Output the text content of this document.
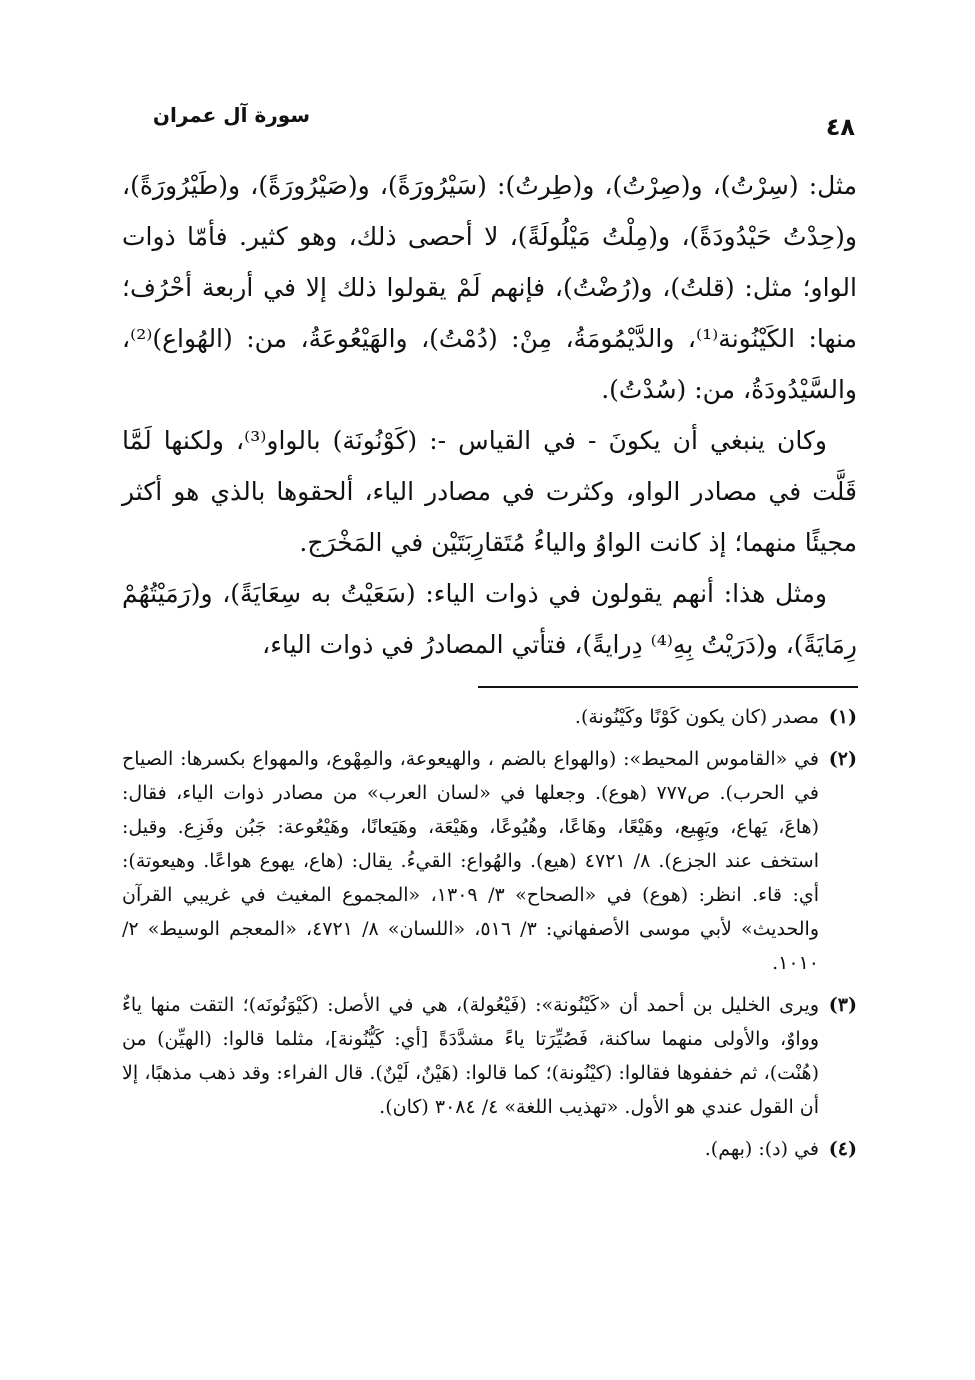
سورة آل عمران	٤٨

مثل: (سِرْتُ)، و(صِرْتُ)، و(طِرتُ): (سَيْرُورَةً)، و(صَيْرُورَةً)، و(طَيْرُورَةً)، و(حِدْتُ حَيْدُودَةً)، و(مِلْتُ مَيْلُولَةً)، لا أحصى ذلك، وهو كثير. فأمّا ذوات الواو؛ مثل: (قلتُ)، و(رُضْتُ)، فإنهم لَمْ يقولوا ذلك إلا في أربعة أحْرُف؛ منها: الكَيْنُونة⁽¹⁾، والدَّيْمُومَةُ، مِنْ: (دُمْتُ)، والهَيْعُوعَةُ، من: (الهُواع)⁽²⁾، والسَّيْدُودَةُ، من: (سُدْتُ).

وكان ينبغي أن يكونَ - في القياس -: (كَوْنُونَة) بالواو⁽³⁾، ولكنها لَمَّا قَلَّت في مصادر الواو، وكثرت في مصادر الياء، ألحقوها بالذي هو أكثر مجيئًا منهما؛ إذ كانت الواوُ والياءُ مُتَقارِبَتَيْن في المَخْرَج.

ومثل هذا: أنهم يقولون في ذوات الياء: (سَعَيْتُ به سِعَايَةً)، و(رَمَيْتُهُمْ رِمَايَةً)، و(دَرَيْتُ بِهِ⁽⁴⁾ دِرايةً)، فتأتي المصادرُ في ذوات الياء،

(١)
مصدر (كان يكون كَوْنًا وكَيْنُونة).
(٢)
في «القاموس المحيط»: (والهواع بالضم ، والهيعوعة، والمِهْوع، والمهواع بكسرها: الصياح في الحرب). ص٧٧٧ (هوع). وجعلها في «لسان العرب» من مصادر ذوات الياء، فقال: (هاعَ، يَهاع، ويَهِيع، وهَيْعًا، وهَاعًا، وهُيُوعًا، وهَيْعَة، وهَيَعانًا، وهَيْعُوعة: جَبُن وفَزِع. وقيل: استخف عند الجزع). ٨/ ٤٧٢١ (هيع). والهُواع: القيءُ. يقال: (هاع، يهوع هواعًا. وهيعوتة): أي: قاء. انظر: (هوع) في «الصحاح» ٣/ ١٣٠٩، «المجموع المغيث في غريبي القرآن والحديث» لأبي موسى الأصفهاني: ٣/ ٥١٦، «اللسان» ٨/ ٤٧٢١، «المعجم الوسيط» ٢/ ١٠١٠.
(٣)
ويرى الخليل بن أحمد أن «كَيْنُونة»: (فَيْعُولة)، هي في الأصل: (كَيْوَنُونَه)؛ التقت منها ياءٌ وواوٌ، والأولى منهما ساكنة، فَصُيِّرَتا ياءً مشدَّدَةً [أي: كَيُّنُونة]، مثلما قالوا: (الهيِّن) من (هُنْت)، ثم خففوها فقالوا: (كيْنُونة)؛ كما قالوا: (هَيْنٌ، لَيْنٌ). قال الفراء: وقد ذهب مذهبًا، إلا أن القول عندي هو الأول. «تهذيب اللغة» ٤/ ٣٠٨٤ (كان).
(٤)
في (د): (بهم).
